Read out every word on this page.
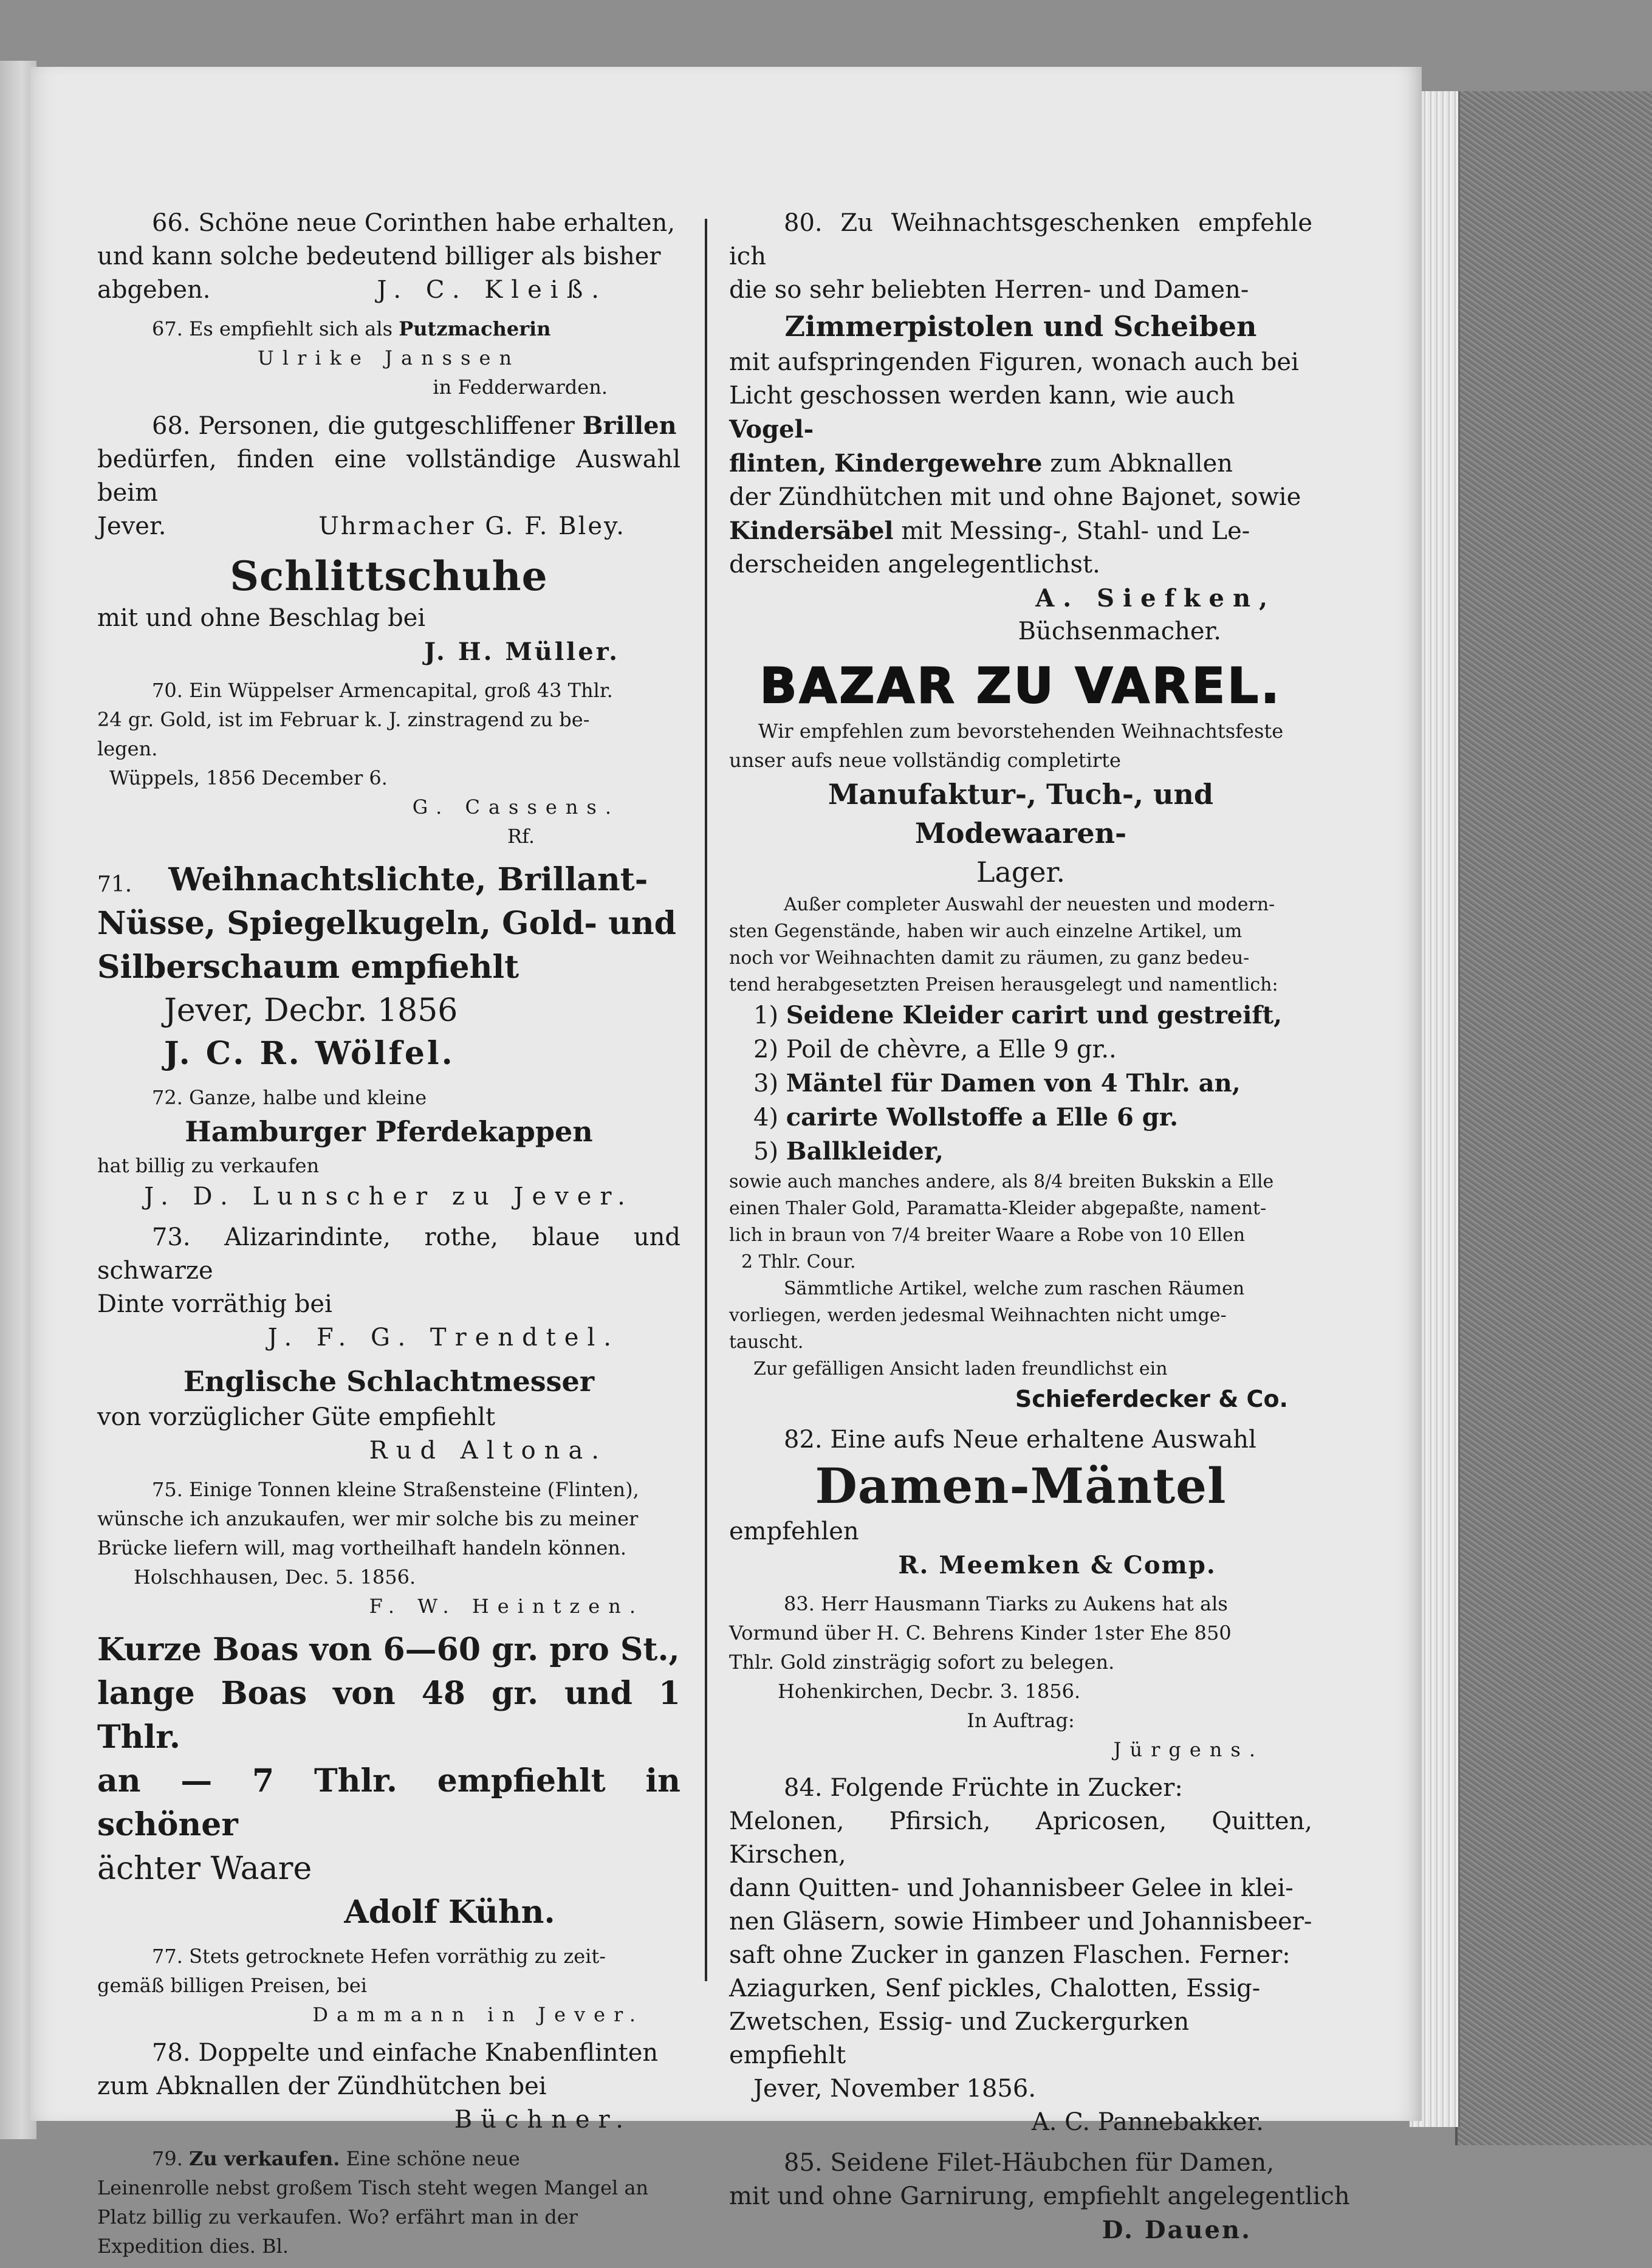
66. Schöne neue Corinthen habe erhalten,
und kann solche bedeutend billiger als bisher
abgeben.	J. C. Kleiß.
67. Es empfiehlt sich als Putzmacherin
Ulrike Janssen
in Fedderwarden.
68. Personen, die gutgeschliffener Brillen
bedürfen, finden eine vollständige Auswahl beim
Jever.	Uhrmacher G. F. Bley.
Schlittschuhe
mit und ohne Beschlag bei
J. H. Müller.
70. Ein Wüppelser Armencapital, groß 43 Thlr.
24 gr. Gold, ist im Februar k. J. zinstragend zu be-
legen.
Wüppels, 1856 December 6.
G. Cassens.
Rf.
71. Weihnachtslichte, Brillant-
Nüsse, Spiegelkugeln, Gold- und
Silberschaum empfiehlt
Jever, Decbr. 1856
J. C. R. Wölfel.
72. Ganze, halbe und kleine
Hamburger Pferdekappen
hat billig zu verkaufen
J. D. Lunscher zu Jever.
73. Alizarindinte, rothe, blaue und schwarze
Dinte vorräthig bei
J. F. G. Trendtel.
Englische Schlachtmesser
von vorzüglicher Güte empfiehlt
Rud Altona.
75. Einige Tonnen kleine Straßensteine (Flinten),
wünsche ich anzukaufen, wer mir solche bis zu meiner
Brücke liefern will, mag vortheilhaft handeln können.
Holschhausen, Dec. 5. 1856.
F. W. Heintzen.
Kurze Boas von 6—60 gr. pro St.,
lange Boas von 48 gr. und 1 Thlr.
an — 7 Thlr. empfiehlt in schöner
ächter Waare
Adolf Kühn.
77. Stets getrocknete Hefen vorräthig zu zeit-
gemäß billigen Preisen, bei
Dammann in Jever.
78. Doppelte und einfache Knabenflinten
zum Abknallen der Zündhütchen bei
Büchner.
79. Zu verkaufen. Eine schöne neue
Leinenrolle nebst großem Tisch steht wegen Mangel an
Platz billig zu verkaufen. Wo? erfährt man in der
Expedition dies. Bl.
80. Zu Weihnachtsgeschenken empfehle ich
die so sehr beliebten Herren- und Damen-
Zimmerpistolen und Scheiben
mit aufspringenden Figuren, wonach auch bei
Licht geschossen werden kann, wie auch Vogel-
flinten, Kindergewehre zum Abknallen
der Zündhütchen mit und ohne Bajonet, sowie
Kindersäbel mit Messing-, Stahl- und Le-
derscheiden angelegentlichst.
A. Siefken,
Büchsenmacher.
BAZAR ZU VAREL.
Wir empfehlen zum bevorstehenden Weihnachtsfeste
unser aufs neue vollständig completirte
Manufaktur-, Tuch-, und Modewaaren-
Lager.
Außer completer Auswahl der neuesten und modern-
sten Gegenstände, haben wir auch einzelne Artikel, um
noch vor Weihnachten damit zu räumen, zu ganz bedeu-
tend herabgesetzten Preisen herausgelegt und namentlich:
1) Seidene Kleider carirt und gestreift,
2) Poil de chèvre, a Elle 9 gr..
3) Mäntel für Damen von 4 Thlr. an,
4) carirte Wollstoffe a Elle 6 gr.
5) Ballkleider,
sowie auch manches andere, als 8/4 breiten Bukskin a Elle
einen Thaler Gold, Paramatta-Kleider abgepaßte, nament-
lich in braun von 7/4 breiter Waare a Robe von 10 Ellen
2 Thlr. Cour.
Sämmtliche Artikel, welche zum raschen Räumen
vorliegen, werden jedesmal Weihnachten nicht umge-
tauscht.
Zur gefälligen Ansicht laden freundlichst ein
Schieferdecker & Co.
82. Eine aufs Neue erhaltene Auswahl
Damen-Mäntel
empfehlen
R. Meemken & Comp.
83. Herr Hausmann Tiarks zu Aukens hat als
Vormund über H. C. Behrens Kinder 1ster Ehe 850
Thlr. Gold zinsträgig sofort zu belegen.
Hohenkirchen, Decbr. 3. 1856.
In Auftrag:
Jürgens.
84. Folgende Früchte in Zucker:
Melonen, Pfirsich, Apricosen, Quitten, Kirschen,
dann Quitten- und Johannisbeer Gelee in klei-
nen Gläsern, sowie Himbeer und Johannisbeer-
saft ohne Zucker in ganzen Flaschen. Ferner:
Aziagurken, Senf pickles, Chalotten, Essig-
Zwetschen, Essig- und Zuckergurken empfiehlt
Jever, November 1856.
A. C. Pannebakker.
85. Seidene Filet-Häubchen für Damen,
mit und ohne Garnirung, empfiehlt angelegentlich
D. Dauen.
